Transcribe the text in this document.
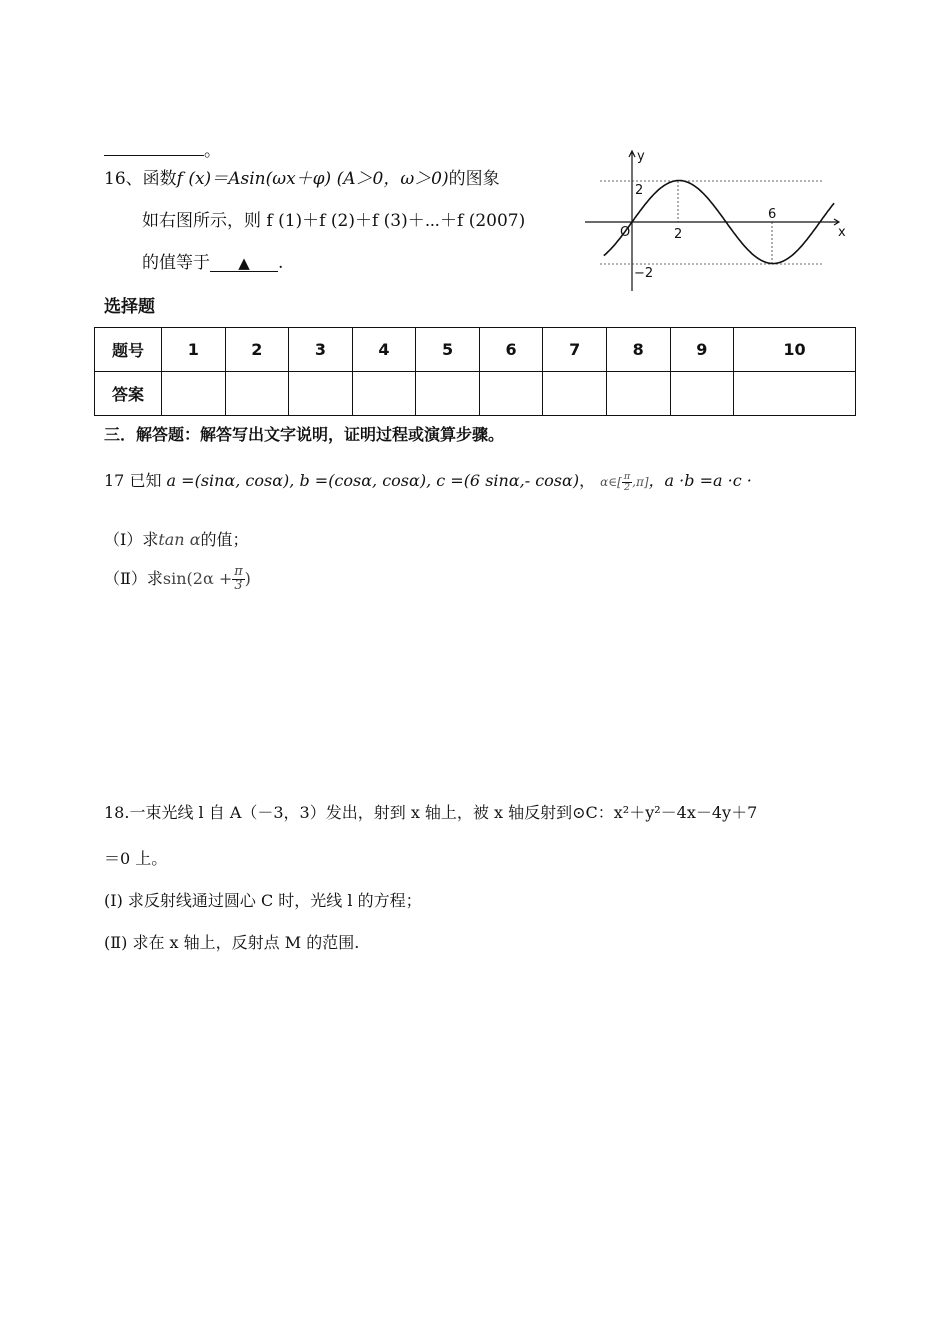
。
16、函数f (x)＝Asin(ωx＋φ) (A＞0，ω＞0)的图象
如右图所示，则 f (1)＋f (2)＋f (3)＋⋯＋f (2007)
的值等于 ▲ .
y
x
O	2
6
2
−2
选择题
题号	1	2	3	4	5	6	7	8	9	10
答案										
三．解答题：解答写出文字说明，证明过程或演算步骤。
17 已知 a =(sinα, cosα), b =(cosα, cosα), c =(6 sinα,- cosα)， α∈[ $\frac{\pi}{2} ,\pi$]，a ·b =a ·c ·
（Ⅰ）求tan α的值；
（Ⅱ）求$\sin(2\alpha + \frac{\pi}{3}$ )
18.一束光线 l 自 A（－3，3）发出，射到 x 轴上，被 x 轴反射到⊙C：x²＋y²－4x－4y＋7
＝0 上。
(Ⅰ) 求反射线通过圆心 C 时，光线 l 的方程；
(Ⅱ) 求在 x 轴上，反射点 M 的范围.
